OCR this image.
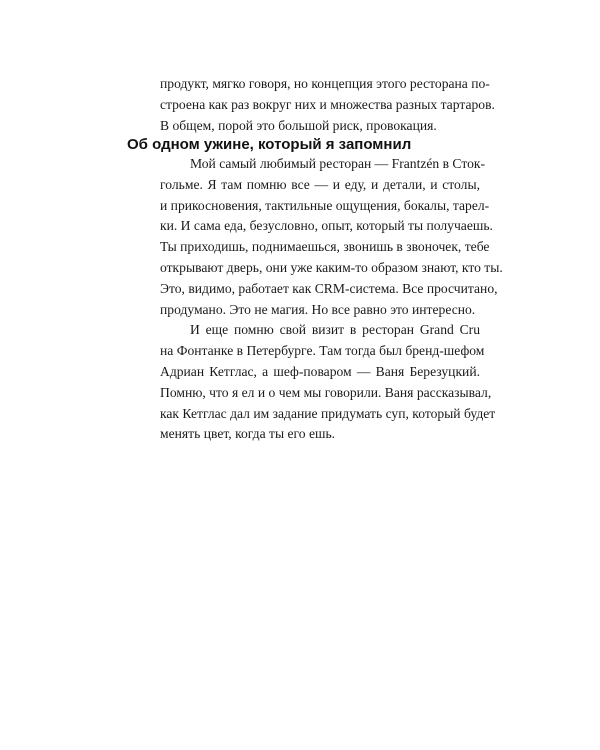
продукт, мягко говоря, но концепция этого ресторана по-
строена как раз вокруг них и множества разных тартаров.
В общем, порой это большой риск, провокация.
Об одном ужине, который я запомнил
Мой самый любимый ресторан — Frantzén в Сток-
гольме. Я там помню все — и еду, и детали, и столы,
и прикосновения, тактильные ощущения, бокалы, тарел-
ки. И сама еда, безусловно, опыт, который ты получаешь.
Ты приходишь, поднимаешься, звонишь в звоночек, тебе
открывают дверь, они уже каким-то образом знают, кто ты.
Это, видимо, работает как CRM-система. Все просчитано,
продумано. Это не магия. Но все равно это интересно.
И еще помню свой визит в ресторан Grand Cru
на Фонтанке в Петербурге. Там тогда был бренд-шефом
Адриан Кетглас, а шеф-поваром — Ваня Березуцкий.
Помню, что я ел и о чем мы говорили. Ваня рассказывал,
как Кетглас дал им задание придумать суп, который будет
менять цвет, когда ты его ешь.
